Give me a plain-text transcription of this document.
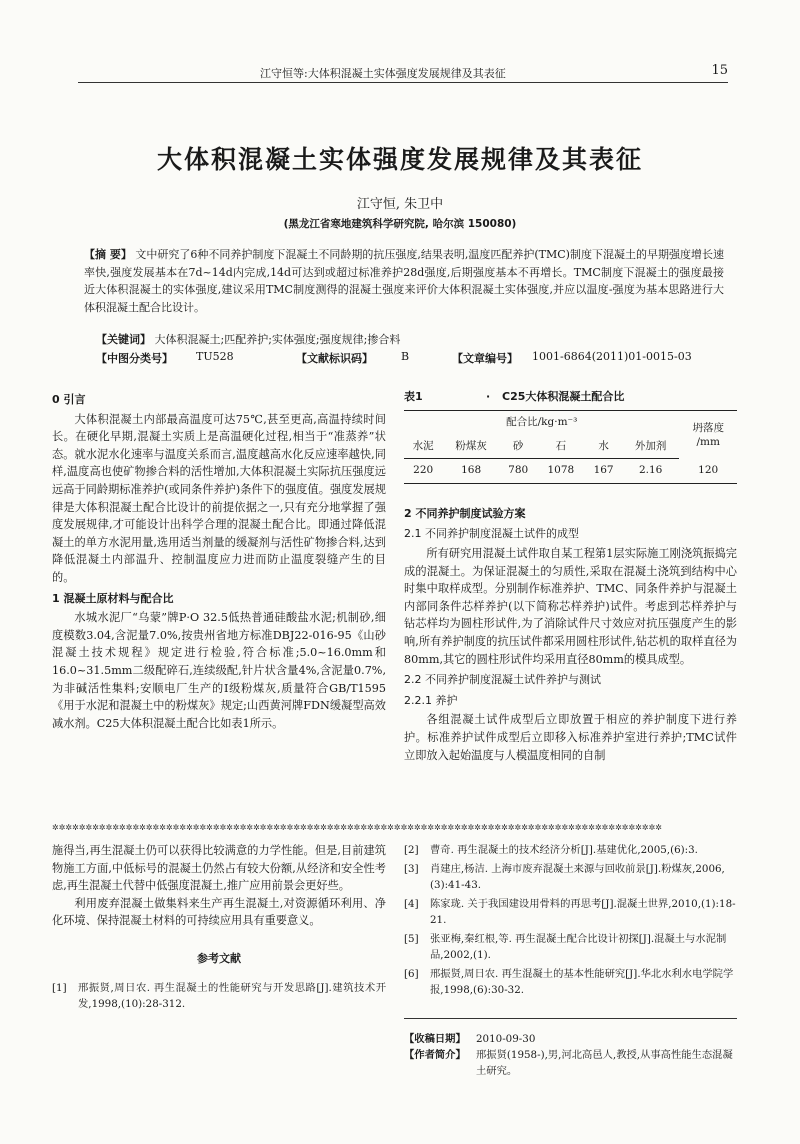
江守恒等:大体积混凝土实体强度发展规律及其表征	15
大体积混凝土实体强度发展规律及其表征
江守恒, 朱卫中
(黑龙江省寒地建筑科学研究院, 哈尔滨 150080)
【摘 要】 文中研究了6种不同养护制度下混凝土不同龄期的抗压强度,结果表明,温度匹配养护(TMC)制度下混凝土的早期强度增长速率快,强度发展基本在7d~14d内完成,14d可达到或超过标准养护28d强度,后期强度基本不再增长。TMC制度下混凝土的强度最接近大体积混凝土的实体强度,建议采用TMC制度测得的混凝土强度来评价大体积混凝土实体强度,并应以温度-强度为基本思路进行大体积混凝土配合比设计。
【关键词】 大体积混凝土;匹配养护;实体强度;强度规律;掺合料
【中图分类号】 TU528	【文献标识码】	B	【文章编号】 1001-6864(2011)01-0015-03
0 引言

大体积混凝土内部最高温度可达75℃,甚至更高,高温持续时间长。在硬化早期,混凝土实质上是高温硬化过程,相当于“准蒸养”状态。就水泥水化速率与温度关系而言,温度越高水化反应速率越快,同样,温度高也使矿物掺合料的活性增加,大体积混凝土实际抗压强度远远高于同龄期标准养护(或同条件养护)条件下的强度值。强度发展规律是大体积混凝土配合比设计的前提依据之一,只有充分地掌握了强度发展规律,才可能设计出科学合理的混凝土配合比。即通过降低混凝土的单方水泥用量,选用适当剂量的缓凝剂与活性矿物掺合料,达到降低混凝土内部温升、控制温度应力进而防止温度裂缝产生的目的。

1 混凝土原材料与配合比

水城水泥厂“乌蒙”牌P·O 32.5低热普通硅酸盐水泥;机制砂,细度模数3.04,含泥量7.0%,按贵州省地方标准DBJ22-016-95《山砂混凝土技术规程》规定进行检验,符合标准;5.0~16.0mm和16.0~31.5mm二级配碎石,连续级配,针片状含量4%,含泥量0.7%,为非碱活性集料;安顺电厂生产的Ⅰ级粉煤灰,质量符合GB/T1595《用于水泥和混凝土中的粉煤灰》规定;山西黄河牌FDN缓凝型高效减水剂。C25大体积混凝土配合比如表1所示。

表1	· C25大体积混凝土配合比
配合比/kg·m⁻³						坍落度
/mm
水泥	粉煤灰	砂	石	水	外加剂	
220	168	780	1078	167	2.16	120
2 不同养护制度试验方案
2.1 不同养护制度混凝土试件的成型

所有研究用混凝土试件取自某工程第1层实际施工刚浇筑振捣完成的混凝土。为保证混凝土的匀质性,采取在混凝土浇筑到结构中心时集中取样成型。分别制作标准养护、TMC、同条件养护与混凝土内部同条件芯样养护(以下简称芯样养护)试件。考虑到芯样养护与钻芯样均为圆柱形试件,为了消除试件尺寸效应对抗压强度产生的影响,所有养护制度的抗压试件都采用圆柱形试件,钻芯机的取样直径为80mm,其它的圆柱形试件均采用直径80mm的模具成型。

2.2 不同养护制度混凝土试件养护与测试
2.2.1 养护

各组混凝土试件成型后立即放置于相应的养护制度下进行养护。标准养护试件成型后立即移入标准养护室进行养护;TMC试件立即放入起始温度与人模温度相同的自制

✲✲✲✲✲✲✲✲✲✲✲✲✲✲✲✲✲✲✲✲✲✲✲✲✲✲✲✲✲✲✲✲✲✲✲✲✲✲✲✲✲✲✲✲✲✲✲✲✲✲✲✲✲✲✲✲✲✲✲✲✲✲✲✲✲✲✲✲✲✲✲✲✲✲✲✲✲✲✲✲✲✲✲✲✲✲✲✲✲✲✲

施得当,再生混凝土仍可以获得比较满意的力学性能。但是,目前建筑物施工方面,中低标号的混凝土仍然占有较大份额,从经济和安全性考虑,再生混凝土代替中低强度混凝土,推广应用前景会更好些。

利用废弃混凝土做集料来生产再生混凝土,对资源循环利用、净化环境、保持混凝土材料的可持续应用具有重要意义。

参考文献
[1]	邢振贤,周日农. 再生混凝土的性能研究与开发思路[J].建筑技术开发,1998,(10):28-312.
[2]	曹奇. 再生混凝土的技术经济分析[J].基建优化,2005,(6):3.
[3]	肖建庄,杨洁. 上海市废弃混凝土来源与回收前景[J].粉煤灰,2006,(3):41-43.
[4]	陈家珑. 关于我国建设用骨料的再思考[J].混凝土世界,2010,(1):18-21.
[5]	张亚梅,秦红根,等. 再生混凝土配合比设计初探[J].混凝土与水泥制品,2002,(1).
[6]	邢振贤,周日农. 再生混凝土的基本性能研究[J].华北水利水电学院学报,1998,(6):30-32.
【收稿日期】 2010-09-30
【作者简介】 邢振贤(1958-),男,河北高邑人,教授,从事高性能生态混凝土研究。
